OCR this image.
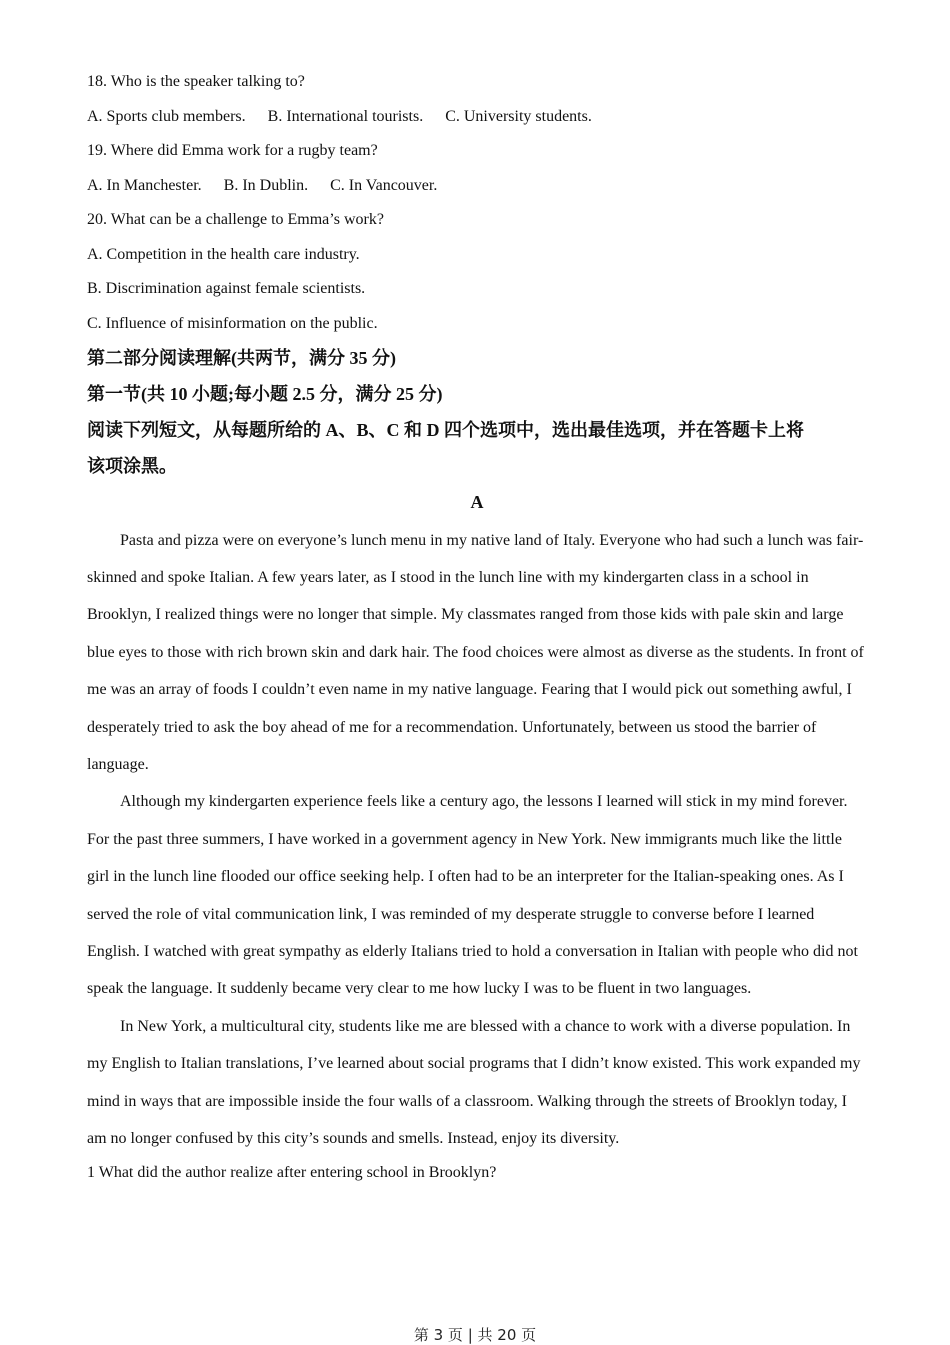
18. Who is the speaker talking to?

A. Sports club members. B. International tourists. C. University students.

19. Where did Emma work for a rugby team?

A. In Manchester. B. In Dublin. C. In Vancouver.

20. What can be a challenge to Emma’s work?

A. Competition in the health care industry.

B. Discrimination against female scientists.

C. Influence of misinformation on the public.

第二部分阅读理解(共两节，满分 35 分)

第一节(共 10 小题;每小题 2.5 分，满分 25 分)

阅读下列短文，从每题所给的 A、B、C 和 D 四个选项中，选出最佳选项，并在答题卡上将

该项涂黑。

A

Pasta and pizza were on everyone’s lunch menu in my native land of Italy. Everyone who had such a lunch was fair-skinned and spoke Italian. A few years later, as I stood in the lunch line with my kindergarten class in a school in Brooklyn, I realized things were no longer that simple. My classmates ranged from those kids with pale skin and large blue eyes to those with rich brown skin and dark hair. The food choices were almost as diverse as the students. In front of me was an array of foods I couldn’t even name in my native language. Fearing that I would pick out something awful, I desperately tried to ask the boy ahead of me for a recommendation. Unfortunately, between us stood the barrier of language.

Although my kindergarten experience feels like a century ago, the lessons I learned will stick in my mind forever. For the past three summers, I have worked in a government agency in New York. New immigrants much like the little girl in the lunch line flooded our office seeking help. I often had to be an interpreter for the Italian-speaking ones. As I served the role of vital communication link, I was reminded of my desperate struggle to converse before I learned English. I watched with great sympathy as elderly Italians tried to hold a conversation in Italian with people who did not speak the language. It suddenly became very clear to me how lucky I was to be fluent in two languages.

In New York, a multicultural city, students like me are blessed with a chance to work with a diverse population. In my English to Italian translations, I’ve learned about social programs that I didn’t know existed. This work expanded my mind in ways that are impossible inside the four walls of a classroom. Walking through the streets of Brooklyn today, I am no longer confused by this city’s sounds and smells. Instead, enjoy its diversity.

1 What did the author realize after entering school in Brooklyn?

第 3 页 | 共 20 页
